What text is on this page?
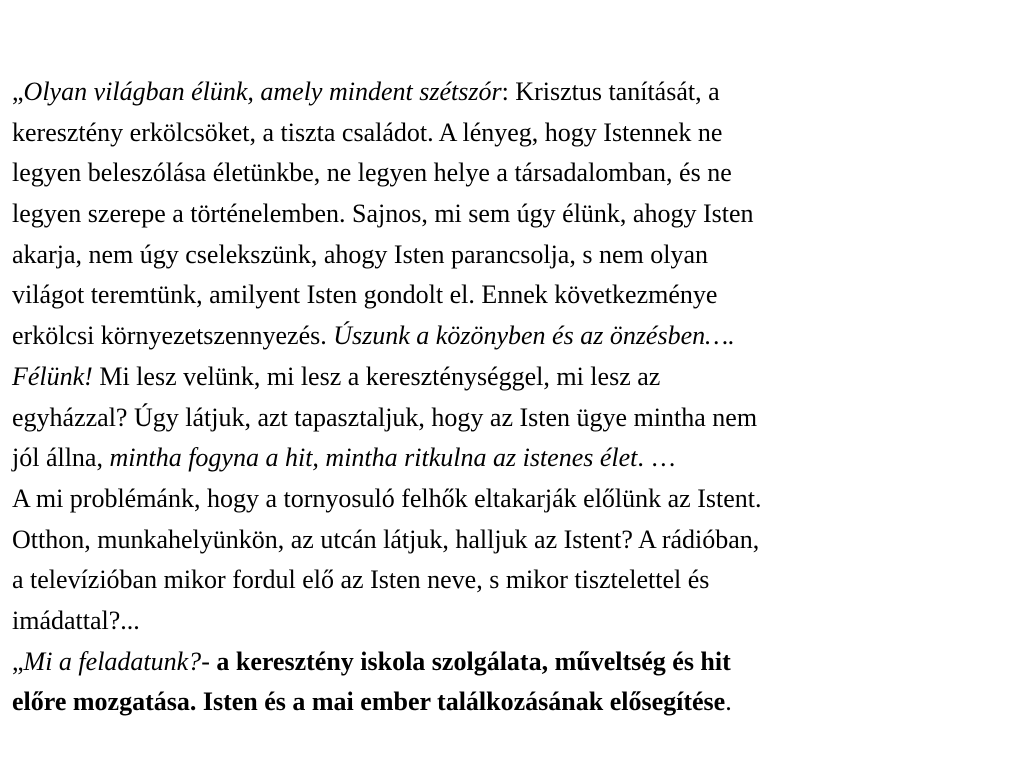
„Olyan világban élünk, amely mindent szétszór: Krisztus tanítását, a
keresztény erkölcsöket, a tiszta családot. A lényeg, hogy Istennek ne
legyen beleszólása életünkbe, ne legyen helye a társadalomban, és ne
legyen szerepe a történelemben. Sajnos, mi sem úgy élünk, ahogy Isten
akarja, nem úgy cselekszünk, ahogy Isten parancsolja, s nem olyan
világot teremtünk, amilyent Isten gondolt el. Ennek következménye
erkölcsi környezetszennyezés. Úszunk a közönyben és az önzésben….
Félünk! Mi lesz velünk, mi lesz a kereszténységgel, mi lesz az
egyházzal? Úgy látjuk, azt tapasztaljuk, hogy az Isten ügye mintha nem
jól állna, mintha fogyna a hit, mintha ritkulna az istenes élet. …
A mi problémánk, hogy a tornyosuló felhők eltakarják előlünk az Istent.
Otthon, munkahelyünkön, az utcán látjuk, halljuk az Istent? A rádióban,
a televízióban mikor fordul elő az Isten neve, s mikor tisztelettel és
imádattal?...
„Mi a feladatunk?- a keresztény iskola szolgálata, műveltség és hit
előre mozgatása. Isten és a mai ember találkozásának elősegítése.
